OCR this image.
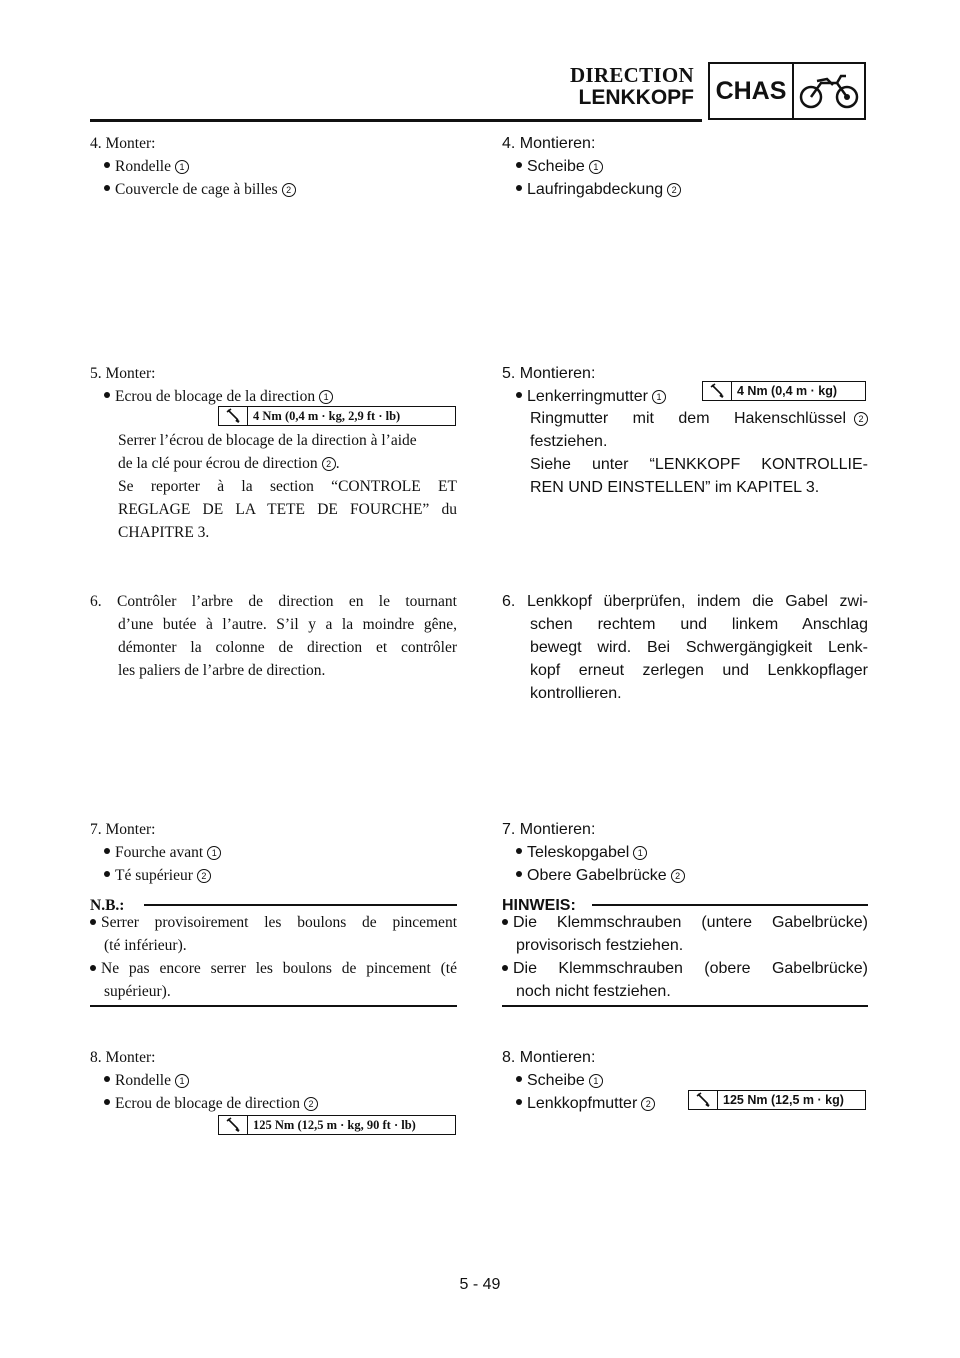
DIRECTION
LENKKOPF CHAS
4. Monter:
Rondelle 1
Couvercle de cage à billes 2
5. Monter:
Ecrou de blocage de la direction 1
4 Nm (0,4 m · kg, 2,9 ft · lb)
Serrer l’écrou de blocage de la direction à l’aide
de la clé pour écrou de direction 2 .
Se reporter à la section “CONTROLE ET
REGLAGE DE LA TETE DE FOURCHE” du
CHAPITRE 3.
6. Contrôler l’arbre de direction en le tournant
d’une butée à l’autre. S’il y a la moindre gêne,
démonter la colonne de direction et contrôler
les paliers de l’arbre de direction.
7. Monter:
Fourche avant 1
Té supérieur 2
N.B.:
Serrer provisoirement les boulons de pincement
(té inférieur).
Ne pas encore serrer les boulons de pincement (té
supérieur).
8. Monter:
Rondelle 1
Ecrou de blocage de direction 2
125 Nm (12,5 m · kg, 90 ft · lb)
4. Montieren:
Scheibe 1
Laufringabdeckung 2
5. Montieren:
Lenkerringmutter 1	4 Nm (0,4 m · kg)
Ringmutter mit dem Hakenschlüssel	2
festziehen.
Siehe unter “LENKKOPF KONTROLLIE-
REN UND EINSTELLEN” im KAPITEL 3.
6. Lenkkopf überprüfen, indem die Gabel zwi-
schen rechtem und linkem Anschlag
bewegt wird. Bei Schwergängigkeit Lenk-
kopf erneut zerlegen und Lenkkopflager
kontrollieren.
7. Montieren:
Teleskopgabel 1
Obere Gabelbrücke 2
HINWEIS:
Die Klemmschrauben (untere Gabelbrücke)
provisorisch festziehen.
Die Klemmschrauben (obere Gabelbrücke)
noch nicht festziehen.
8. Montieren:
Scheibe 1
Lenkkopfmutter 2	125 Nm (12,5 m · kg)
5 - 49
